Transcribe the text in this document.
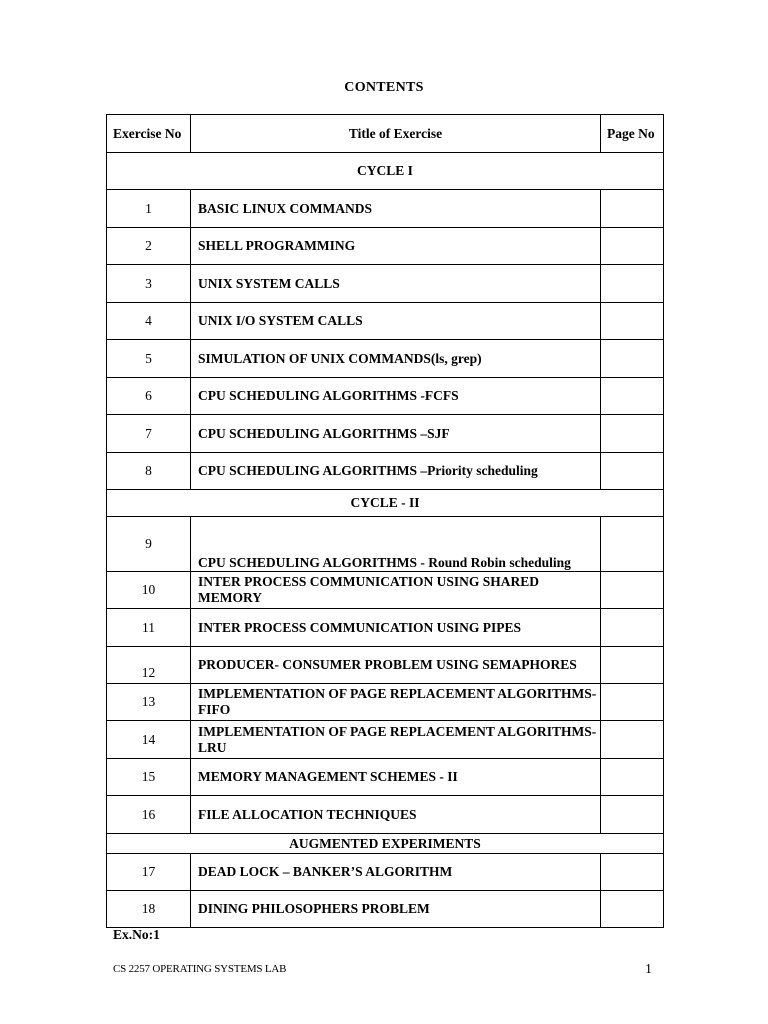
CONTENTS
Exercise No	Title of Exercise	Page No
CYCLE I		
1	BASIC LINUX COMMANDS	
2	SHELL PROGRAMMING	
3	UNIX SYSTEM CALLS	
4	UNIX I/O SYSTEM CALLS	
5	SIMULATION OF UNIX COMMANDS(ls, grep)	
6	CPU SCHEDULING ALGORITHMS -FCFS	
7	CPU SCHEDULING ALGORITHMS –SJF	
8	CPU SCHEDULING ALGORITHMS –Priority scheduling	
CYCLE - II		
9	CPU SCHEDULING ALGORITHMS - Round Robin scheduling	
10	INTER PROCESS COMMUNICATION USING SHARED MEMORY	
11	INTER PROCESS COMMUNICATION USING PIPES	
12	PRODUCER- CONSUMER PROBLEM USING SEMAPHORES	
13	IMPLEMENTATION OF PAGE REPLACEMENT ALGORITHMS-FIFO	
14	IMPLEMENTATION OF PAGE REPLACEMENT ALGORITHMS-LRU	
15	MEMORY MANAGEMENT SCHEMES - II	
16	FILE ALLOCATION TECHNIQUES	
AUGMENTED EXPERIMENTS		
17	DEAD LOCK – BANKER’S ALGORITHM	
18	DINING PHILOSOPHERS PROBLEM	
Ex.No:1
CS 2257 OPERATING SYSTEMS LAB	1
